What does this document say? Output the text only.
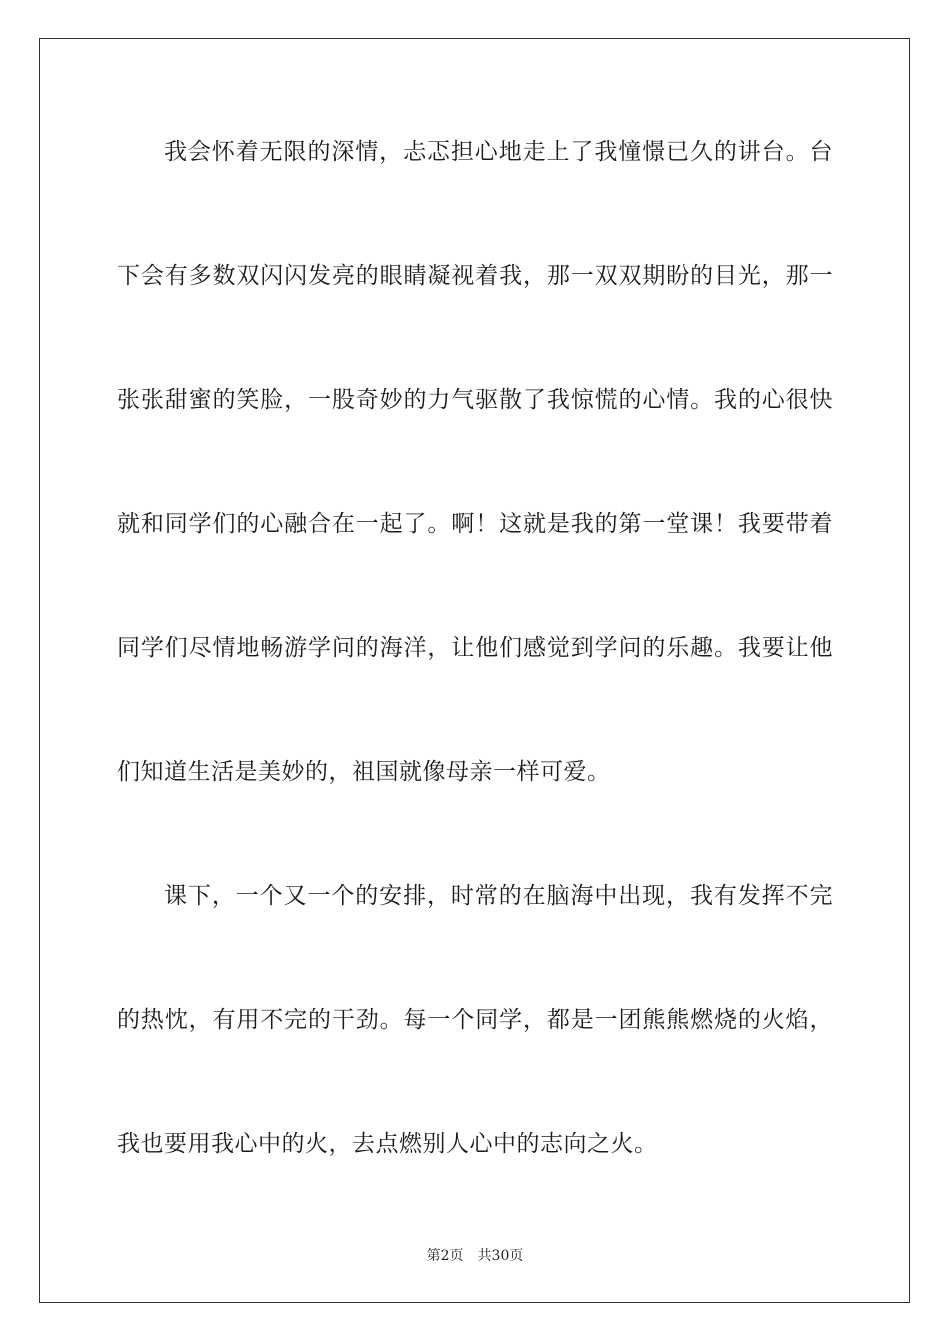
我会怀着无限的深情，忐忑担心地走上了我憧憬已久的讲台。台
下会有多数双闪闪发亮的眼睛凝视着我，那一双双期盼的目光，那一
张张甜蜜的笑脸，一股奇妙的力气驱散了我惊慌的心情。我的心很快
就和同学们的心融合在一起了。啊！这就是我的第一堂课！我要带着
同学们尽情地畅游学问的海洋，让他们感觉到学问的乐趣。我要让他
们知道生活是美妙的，祖国就像母亲一样可爱。
课下，一个又一个的安排，时常的在脑海中出现，我有发挥不完
的热忱，有用不完的干劲。每一个同学，都是一团熊熊燃烧的火焰，
我也要用我心中的火，去点燃别人心中的志向之火。
第2页 共30页
